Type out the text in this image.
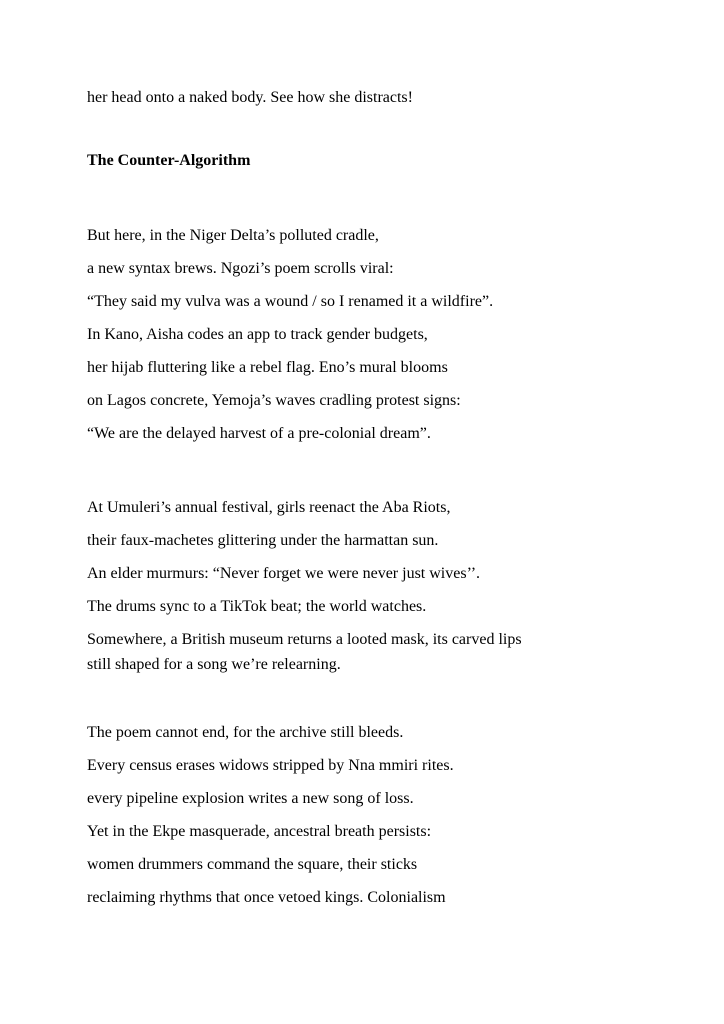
her head onto a naked body. See how she distracts!

The Counter-Algorithm

But here, in the Niger Delta’s polluted cradle,

a new syntax brews. Ngozi’s poem scrolls viral:

“They said my vulva was a wound / so I renamed it a wildfire”.

In Kano, Aisha codes an app to track gender budgets,

her hijab fluttering like a rebel flag. Eno’s mural blooms

on Lagos concrete, Yemoja’s waves cradling protest signs:

“We are the delayed harvest of a pre-colonial dream”.

At Umuleri’s annual festival, girls reenact the Aba Riots,

their faux-machetes glittering under the harmattan sun.

An elder murmurs: “Never forget we were never just wives’’.

The drums sync to a TikTok beat; the world watches.

Somewhere, a British museum returns a looted mask, its carved lips

still shaped for a song we’re relearning.

The poem cannot end, for the archive still bleeds.

Every census erases widows stripped by Nna mmiri rites.

every pipeline explosion writes a new song of loss.

Yet in the Ekpe masquerade, ancestral breath persists:

women drummers command the square, their sticks

reclaiming rhythms that once vetoed kings. Colonialism
